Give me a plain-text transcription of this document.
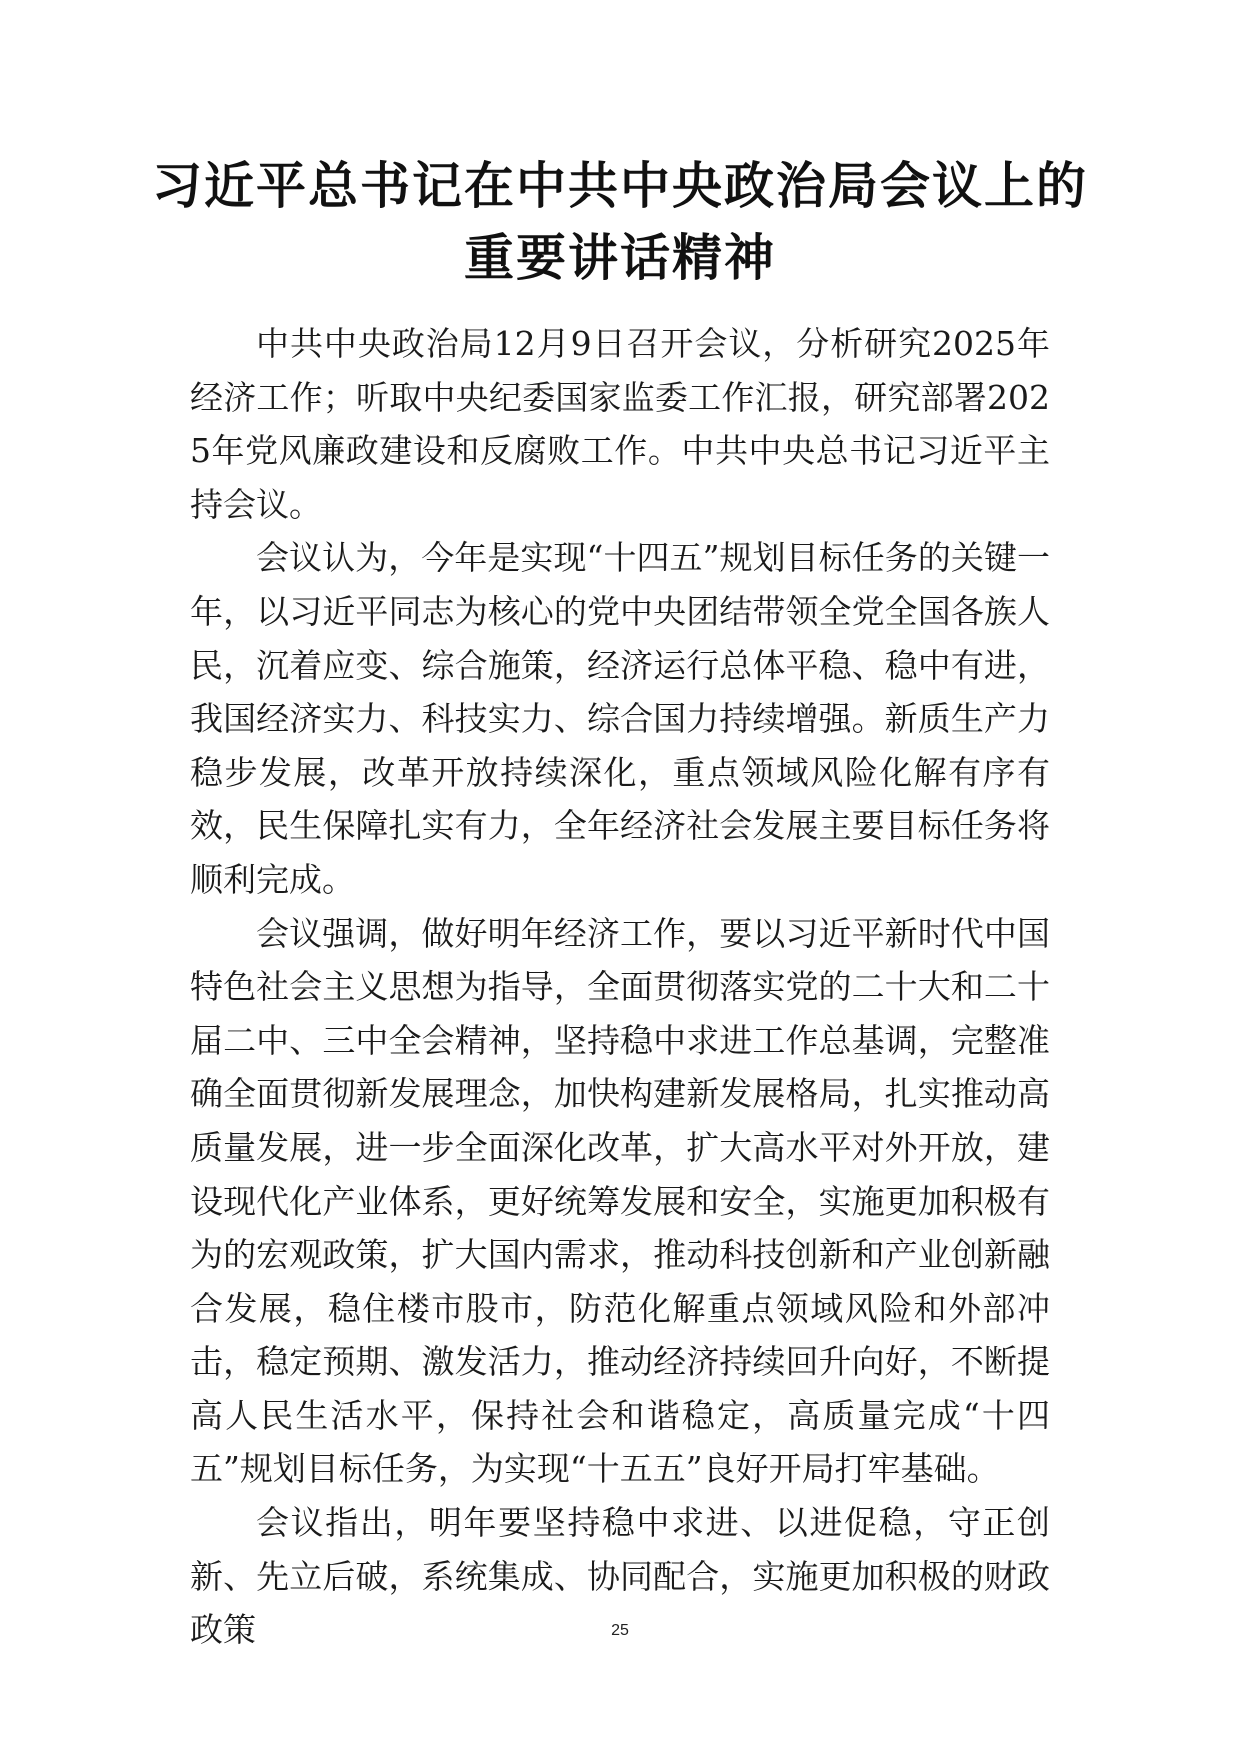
习近平总书记在中共中央政治局会议上的
重要讲话精神

中共中央政治局12月9日召开会议，分析研究2025年经济工作；听取中央纪委国家监委工作汇报，研究部署2025年党风廉政建设和反腐败工作。中共中央总书记习近平主持会议。

会议认为，今年是实现“十四五”规划目标任务的关键一年，以习近平同志为核心的党中央团结带领全党全国各族人民，沉着应变、综合施策，经济运行总体平稳、稳中有进，我国经济实力、科技实力、综合国力持续增强。新质生产力稳步发展，改革开放持续深化，重点领域风险化解有序有效，民生保障扎实有力，全年经济社会发展主要目标任务将顺利完成。

会议强调，做好明年经济工作，要以习近平新时代中国特色社会主义思想为指导，全面贯彻落实党的二十大和二十届二中、三中全会精神，坚持稳中求进工作总基调，完整准确全面贯彻新发展理念，加快构建新发展格局，扎实推动高质量发展，进一步全面深化改革，扩大高水平对外开放，建设现代化产业体系，更好统筹发展和安全，实施更加积极有为的宏观政策，扩大国内需求，推动科技创新和产业创新融合发展，稳住楼市股市，防范化解重点领域风险和外部冲击，稳定预期、激发活力，推动经济持续回升向好，不断提高人民生活水平，保持社会和谐稳定，高质量完成“十四五”规划目标任务，为实现“十五五”良好开局打牢基础。

会议指出，明年要坚持稳中求进、以进促稳，守正创新、先立后破，系统集成、协同配合，实施更加积极的财政政策	25
